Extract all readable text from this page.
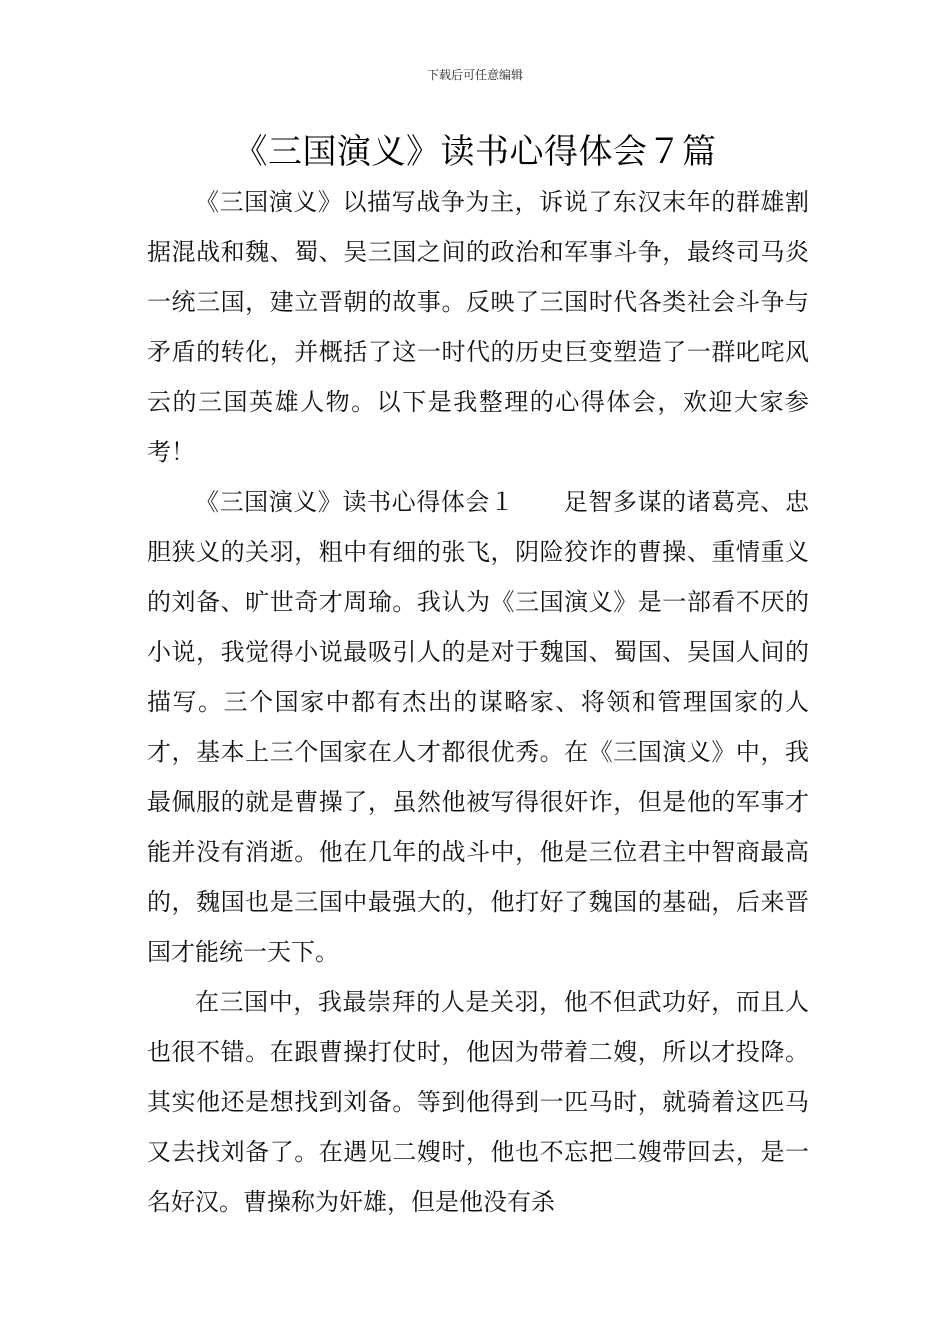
下载后可任意编辑
《三国演义》读书心得体会７篇

《三国演义》以描写战争为主，诉说了东汉末年的群雄割据混战和魏、蜀、吴三国之间的政治和军事斗争，最终司马炎一统三国，建立晋朝的故事。反映了三国时代各类社会斗争与矛盾的转化，并概括了这一时代的历史巨变塑造了一群叱咤风云的三国英雄人物。以下是我整理的心得体会，欢迎大家参考！

《三国演义》读书心得体会１　　足智多谋的诸葛亮、忠胆狭义的关羽，粗中有细的张飞，阴险狡诈的曹操、重情重义的刘备、旷世奇才周瑜。我认为《三国演义》是一部看不厌的小说，我觉得小说最吸引人的是对于魏国、蜀国、吴国人间的描写。三个国家中都有杰出的谋略家、将领和管理国家的人才，基本上三个国家在人才都很优秀。在《三国演义》中，我最佩服的就是曹操了，虽然他被写得很奸诈，但是他的军事才能并没有消逝。他在几年的战斗中，他是三位君主中智商最高的，魏国也是三国中最强大的，他打好了魏国的基础，后来晋国才能统一天下。

在三国中，我最崇拜的人是关羽，他不但武功好，而且人也很不错。在跟曹操打仗时，他因为带着二嫂，所以才投降。其实他还是想找到刘备。等到他得到一匹马时，就骑着这匹马又去找刘备了。在遇见二嫂时，他也不忘把二嫂带回去，是一名好汉。曹操称为奸雄，但是他没有杀
